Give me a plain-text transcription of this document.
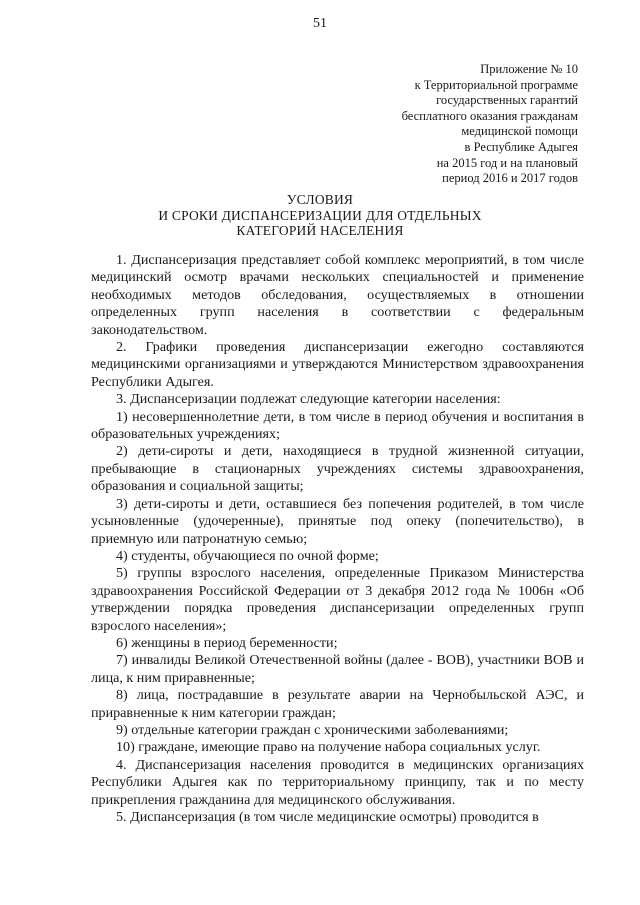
51
Приложение № 10
к Территориальной программе
государственных гарантий
бесплатного оказания гражданам
медицинской помощи
в Республике Адыгея
на 2015 год и на плановый
период 2016 и 2017 годов
УСЛОВИЯ
И СРОКИ ДИСПАНСЕРИЗАЦИИ ДЛЯ ОТДЕЛЬНЫХ
КАТЕГОРИЙ НАСЕЛЕНИЯ

1. Диспансеризация представляет собой комплекс мероприятий, в том числе медицинский осмотр врачами нескольких специальностей и применение необходимых методов обследования, осуществляемых в отношении определенных групп населения в соответствии с федеральным законодательством.

2. Графики проведения диспансеризации ежегодно составляются медицинскими организациями и утверждаются Министерством здравоохранения Республики Адыгея.

3. Диспансеризации подлежат следующие категории населения:

1) несовершеннолетние дети, в том числе в период обучения и воспитания в образовательных учреждениях;

2) дети-сироты и дети, находящиеся в трудной жизненной ситуации, пребывающие в стационарных учреждениях системы здравоохранения, образования и социальной защиты;

3) дети-сироты и дети, оставшиеся без попечения родителей, в том числе усыновленные (удочеренные), принятые под опеку (попечительство), в приемную или патронатную семью;

4) студенты, обучающиеся по очной форме;

5) группы взрослого населения, определенные Приказом Министерства здравоохранения Российской Федерации от 3 декабря 2012 года № 1006н «Об утверждении порядка проведения диспансеризации определенных групп взрослого населения»;

6) женщины в период беременности;

7) инвалиды Великой Отечественной войны (далее - ВОВ), участники ВОВ и лица, к ним приравненные;

8) лица, пострадавшие в результате аварии на Чернобыльской АЭС, и приравненные к ним категории граждан;

9) отдельные категории граждан с хроническими заболеваниями;

10) граждане, имеющие право на получение набора социальных услуг.

4. Диспансеризация населения проводится в медицинских организациях Республики Адыгея как по территориальному принципу, так и по месту прикрепления гражданина для медицинского обслуживания.

5. Диспансеризация (в том числе медицинские осмотры) проводится в
